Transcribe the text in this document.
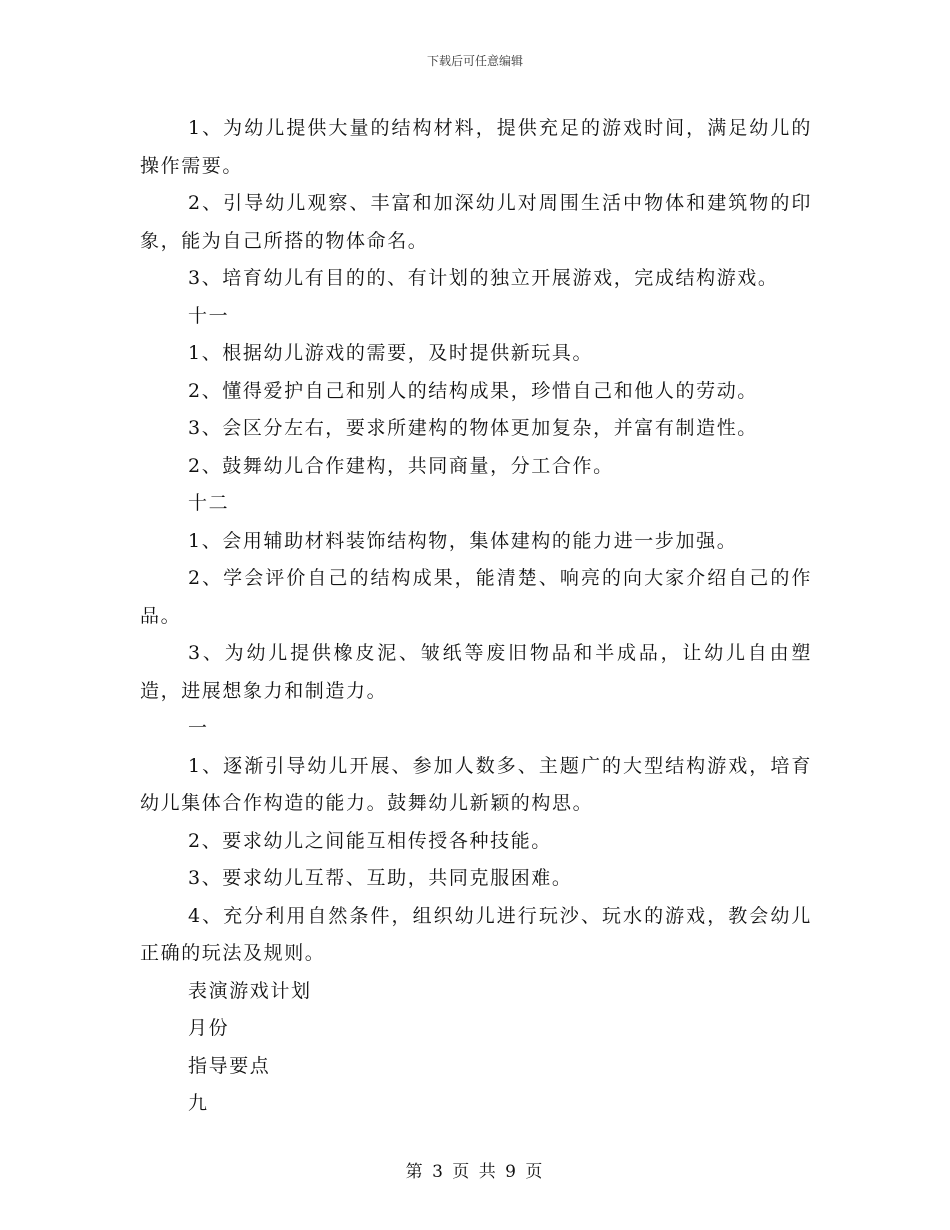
下载后可任意编辑

1、为幼儿提供大量的结构材料，提供充足的游戏时间，满足幼儿的操作需要。

2、引导幼儿观察、丰富和加深幼儿对周围生活中物体和建筑物的印象，能为自己所搭的物体命名。

3、培育幼儿有目的的、有计划的独立开展游戏，完成结构游戏。

十一

1、根据幼儿游戏的需要，及时提供新玩具。

2、懂得爱护自己和别人的结构成果，珍惜自己和他人的劳动。

3、会区分左右，要求所建构的物体更加复杂，并富有制造性。

2、鼓舞幼儿合作建构，共同商量，分工合作。

十二

1、会用辅助材料装饰结构物，集体建构的能力进一步加强。

2、学会评价自己的结构成果，能清楚、响亮的向大家介绍自己的作品。

3、为幼儿提供橡皮泥、皱纸等废旧物品和半成品，让幼儿自由塑造，进展想象力和制造力。

一

1、逐渐引导幼儿开展、参加人数多、主题广的大型结构游戏，培育幼儿集体合作构造的能力。鼓舞幼儿新颖的构思。

2、要求幼儿之间能互相传授各种技能。

3、要求幼儿互帮、互助，共同克服困难。

4、充分利用自然条件，组织幼儿进行玩沙、玩水的游戏，教会幼儿正确的玩法及规则。

表演游戏计划

月份

指导要点

九

第 3 页 共 9 页
